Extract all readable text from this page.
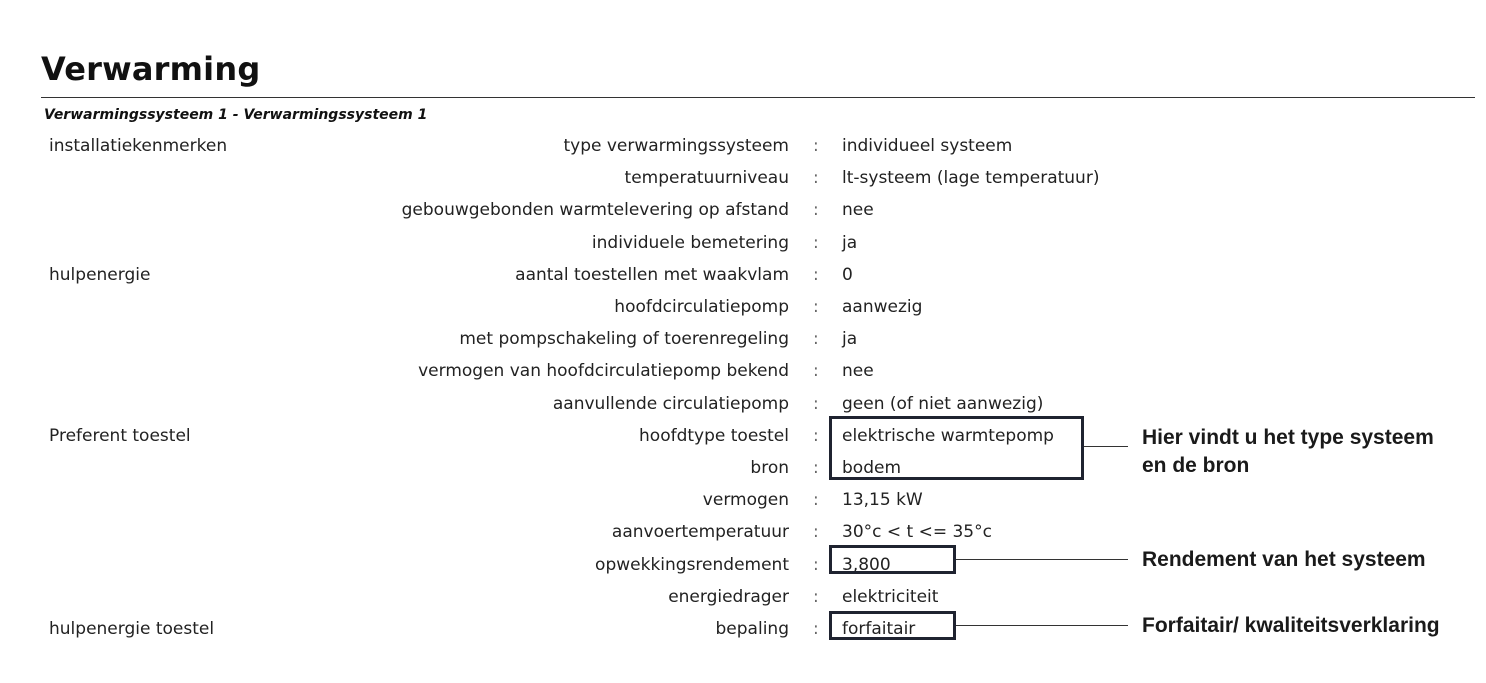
Verwarming
Verwarmingssysteem 1 - Verwarmingssysteem 1
installatiekenmerken	type verwarmingssysteem : individueel systeem
temperatuurniveau : lt-systeem (lage temperatuur)
gebouwgebonden warmtelevering op afstand : nee
individuele bemetering : ja
hulpenergie	aantal toestellen met waakvlam : 0
hoofdcirculatiepomp : aanwezig
met pompschakeling of toerenregeling : ja
vermogen van hoofdcirculatiepomp bekend : nee
aanvullende circulatiepomp : geen (of niet aanwezig)
Preferent toestel	hoofdtype toestel : elektrische warmtepomp
bron : bodem
vermogen : 13,15 kW
aanvoertemperatuur : 30°c < t <= 35°c
opwekkingsrendement : 3,800
energiedrager : elektriciteit
hulpenergie toestel	bepaling : forfaitair
Hier vindt u het type systeem
en de bron
Rendement van het systeem
Forfaitair/ kwaliteitsverklaring
